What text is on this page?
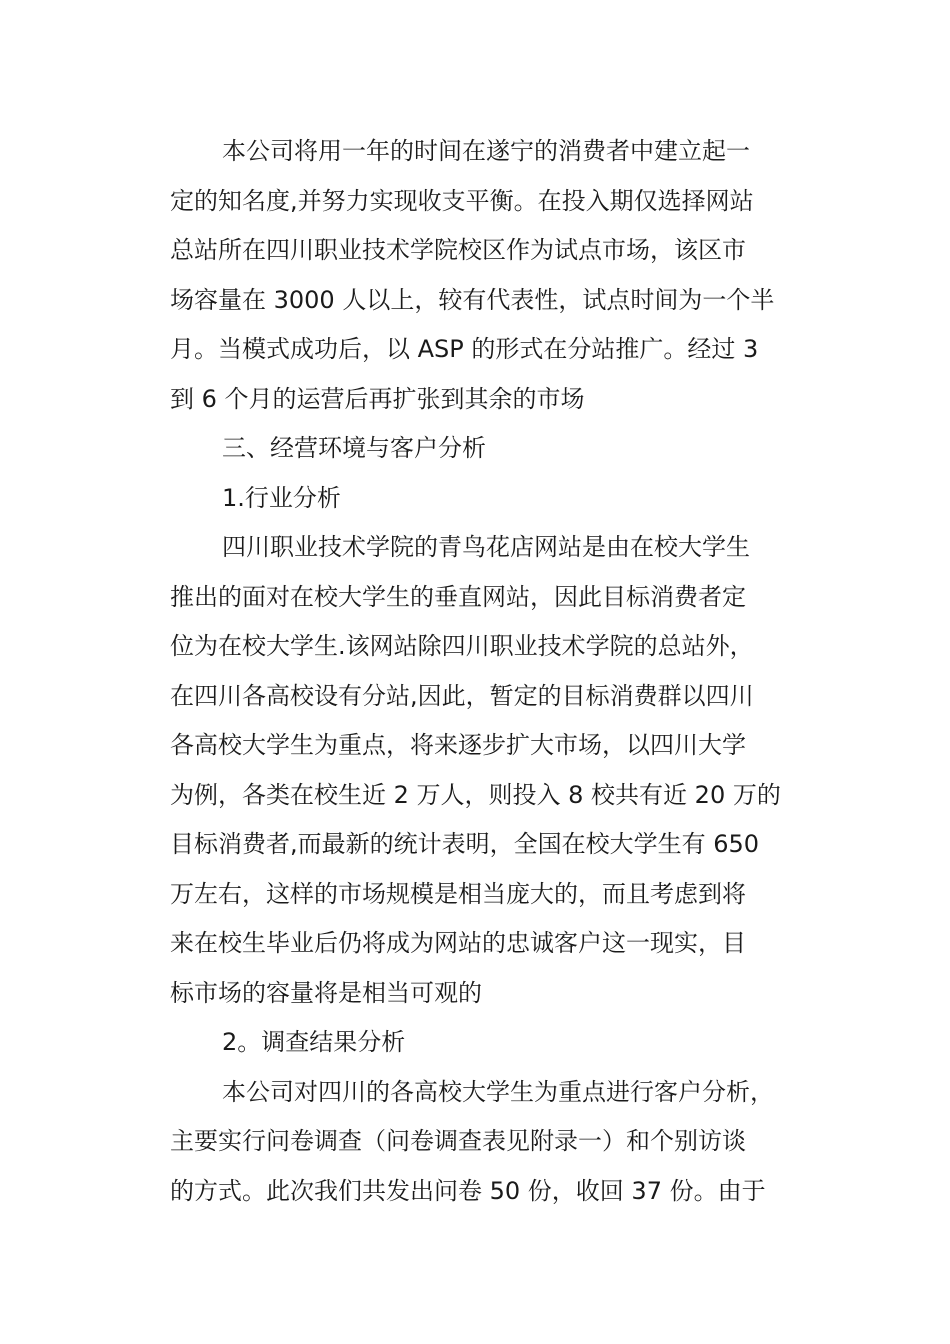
本公司将用一年的时间在遂宁的消费者中建立起一
定的知名度,并努力实现收支平衡。在投入期仅选择网站
总站所在四川职业技术学院校区作为试点市场，该区市
场容量在 3000 人以上，较有代表性，试点时间为一个半
月。当模式成功后，以 ASP 的形式在分站推广。经过 3
到 6 个月的运营后再扩张到其余的市场
三、经营环境与客户分析
1.行业分析
四川职业技术学院的青鸟花店网站是由在校大学生
推出的面对在校大学生的垂直网站，因此目标消费者定
位为在校大学生.该网站除四川职业技术学院的总站外，
在四川各高校设有分站,因此，暂定的目标消费群以四川
各高校大学生为重点，将来逐步扩大市场，以四川大学
为例，各类在校生近 2 万人，则投入 8 校共有近 20 万的
目标消费者,而最新的统计表明，全国在校大学生有 650
万左右，这样的市场规模是相当庞大的，而且考虑到将
来在校生毕业后仍将成为网站的忠诚客户这一现实，目
标市场的容量将是相当可观的
2。调查结果分析
本公司对四川的各高校大学生为重点进行客户分析，
主要实行问卷调查（问卷调查表见附录一）和个别访谈
的方式。此次我们共发出问卷 50 份，收回 37 份。由于
